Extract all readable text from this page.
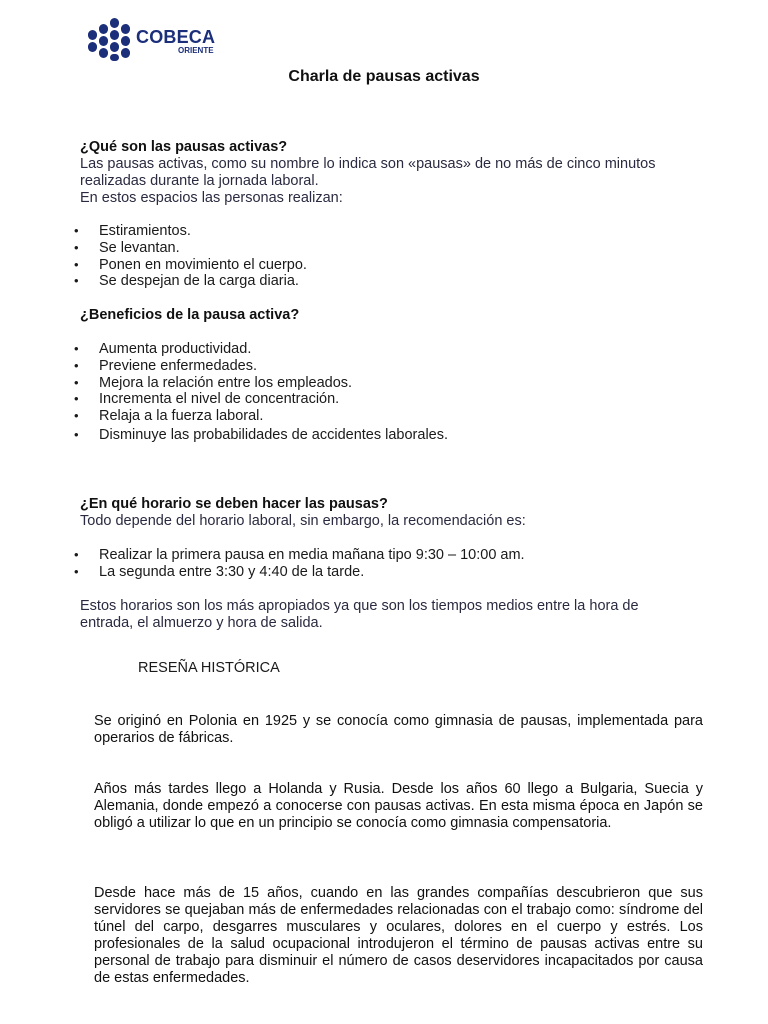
COBECA
ORIENTE
Charla de pausas activas
¿Qué son las pausas activas?
Las pausas activas, como su nombre lo indica son «pausas» de no más de cinco minutos
realizadas durante la jornada laboral.
En estos espacios las personas realizan:
• Estiramientos.
• Se levantan.
• Ponen en movimiento el cuerpo.
• Se despejan de la carga diaria.
¿Beneficios de la pausa activa?
• Aumenta productividad.
• Previene enfermedades.
• Mejora la relación entre los empleados.
• Incrementa el nivel de concentración.
• Relaja a la fuerza laboral.
• Disminuye las probabilidades de accidentes laborales.
¿En qué horario se deben hacer las pausas?
Todo depende del horario laboral, sin embargo, la recomendación es:
• Realizar la primera pausa en media mañana tipo 9:30 – 10:00 am.
• La segunda entre 3:30 y 4:40 de la tarde.
Estos horarios son los más apropiados ya que son los tiempos medios entre la hora de
entrada, el almuerzo y hora de salida.
RESEÑA HISTÓRICA
Se originó en Polonia en 1925 y se conocía como gimnasia de pausas, implementada para operarios de fábricas.
Años más tardes llego a Holanda y Rusia. Desde los años 60 llego a Bulgaria, Suecia y Alemania, donde empezó a conocerse con pausas activas. En esta misma época en Japón se obligó a utilizar lo que en un principio se conocía como gimnasia compensatoria.
Desde hace más de 15 años, cuando en las grandes compañías descubrieron que sus servidores se quejaban más de enfermedades relacionadas con el trabajo como: síndrome del túnel del carpo, desgarres musculares y oculares, dolores en el cuerpo y estrés. Los profesionales de la salud ocupacional introdujeron el término de pausas activas entre su personal de trabajo para disminuir el número de casos deservidores incapacitados por causa de estas enfermedades.
